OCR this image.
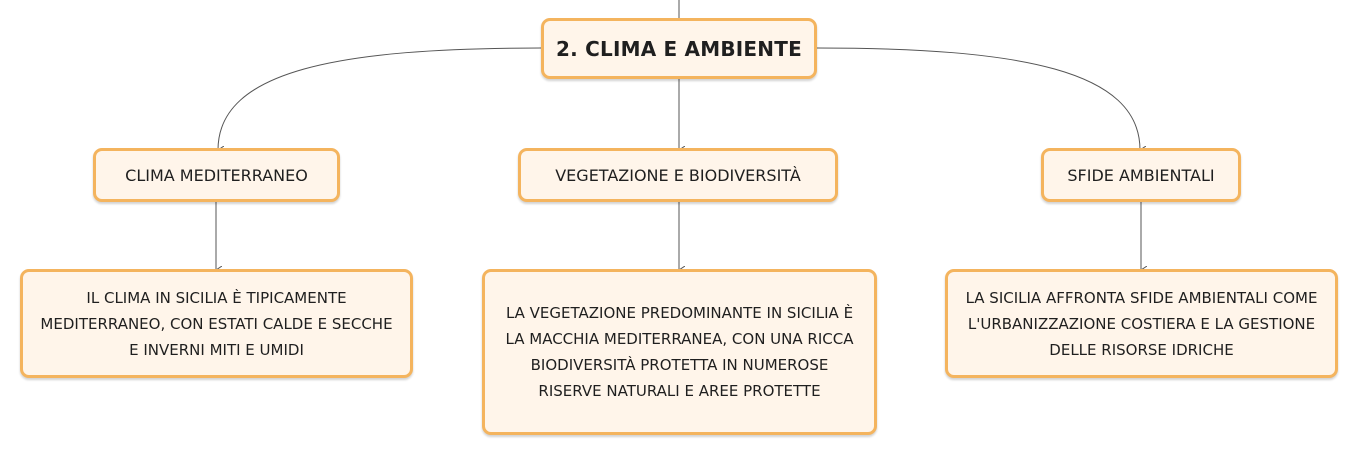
2. CLIMA E AMBIENTE
CLIMA MEDITERRANEO	VEGETAZIONE E BIODIVERSITÀ	SFIDE AMBIENTALI
IL CLIMA IN SICILIA È TIPICAMENTE MEDITERRANEO, CON ESTATI CALDE E SECCHE E INVERNI MITI E UMIDI
LA VEGETAZIONE PREDOMINANTE IN SICILIA È LA MACCHIA MEDITERRANEA, CON UNA RICCA BIODIVERSITÀ PROTETTA IN NUMEROSE RISERVE NATURALI E AREE PROTETTE
LA SICILIA AFFRONTA SFIDE AMBIENTALI COME L'URBANIZZAZIONE COSTIERA E LA GESTIONE DELLE RISORSE IDRICHE
